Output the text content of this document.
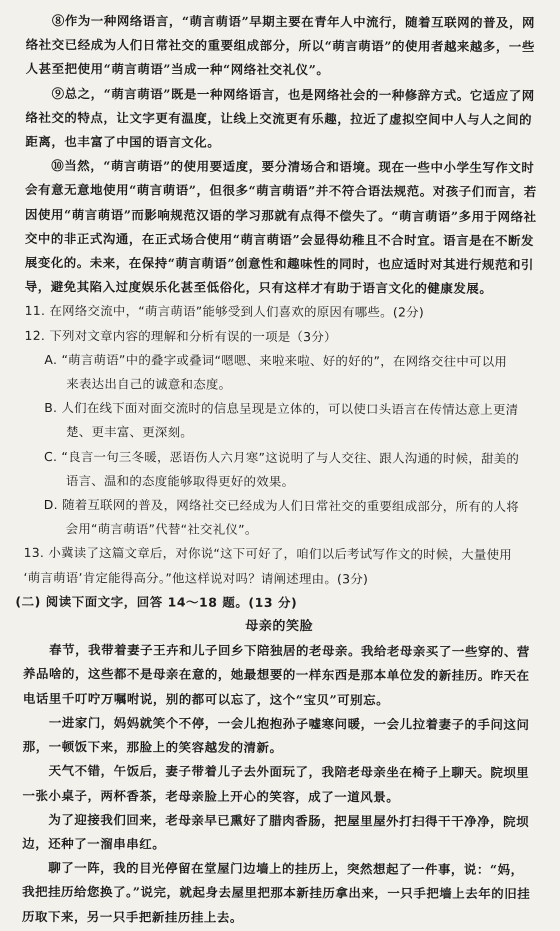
⑧作为一种网络语言，“萌言萌语”早期主要在青年人中流行，随着互联网的普及，网络社交已经成为人们日常社交的重要组成部分，所以“萌言萌语”的使用者越来越多，一些人甚至把使用“萌言萌语”当成一种“网络社交礼仪”。

⑨总之，“萌言萌语”既是一种网络语言，也是网络社会的一种修辞方式。它适应了网络社交的特点，让文字更有温度，让线上交流更有乐趣，拉近了虚拟空间中人与人之间的距离，也丰富了中国的语言文化。

⑩当然，“萌言萌语”的使用要适度，要分清场合和语境。现在一些中小学生写作文时会有意无意地使用“萌言萌语”，但很多“萌言萌语”并不符合语法规范。对孩子们而言，若因使用“萌言萌语”而影响规范汉语的学习那就有点得不偿失了。“萌言萌语”多用于网络社交中的非正式沟通，在正式场合使用“萌言萌语”会显得幼稚且不合时宜。语言是在不断发展变化的。未来，在保持“萌言萌语”创意性和趣味性的同时，也应适时对其进行规范和引导，避免其陷入过度娱乐化甚至低俗化，只有这样才有助于语言文化的健康发展。

11. 在网络交流中，“萌言萌语”能够受到人们喜欢的原因有哪些。(2分)

12. 下列对文章内容的理解和分析有误的一项是（3分）

A. “萌言萌语”中的叠字或叠词“嗯嗯、来啦来啦、好的好的”，在网络交往中可以用

来表达出自己的诚意和态度。

B. 人们在线下面对面交流时的信息呈现是立体的，可以使口头语言在传情达意上更清

楚、更丰富、更深刻。

C. “良言一句三冬暖，恶语伤人六月寒”这说明了与人交往、跟人沟通的时候，甜美的

语言、温和的态度能够取得更好的效果。

D. 随着互联网的普及，网络社交已经成为人们日常社交的重要组成部分，所有的人将

会用“萌言萌语”代替“社交礼仪”。

13. 小冀读了这篇文章后，对你说“这下可好了，咱们以后考试写作文的时候，大量使用

‘萌言萌语’肯定能得高分。”他这样说对吗？请阐述理由。(3分)

(二) 阅读下面文字，回答 14～18 题。(13 分)

母亲的笑脸

春节，我带着妻子王卉和儿子回乡下陪独居的老母亲。我给老母亲买了一些穿的、营养品啥的，这些都不是母亲在意的，她最想要的一样东西是那本单位发的新挂历。昨天在电话里千叮咛万嘱咐说，别的都可以忘了，这个“宝贝”可别忘。

一进家门，妈妈就笑个不停，一会儿抱抱孙子嘘寒问暖，一会儿拉着妻子的手问这问那，一顿饭下来，那脸上的笑容越发的清新。

天气不错，午饭后，妻子带着儿子去外面玩了，我陪老母亲坐在椅子上聊天。院坝里一张小桌子，两杯香茶，老母亲脸上开心的笑容，成了一道风景。

为了迎接我们回来，老母亲早已熏好了腊肉香肠，把屋里屋外打扫得干干净净，院坝边，还种了一溜串串红。

聊了一阵，我的目光停留在堂屋门边墙上的挂历上，突然想起了一件事，说：“妈，我把挂历给您换了。”说完，就起身去屋里把那本新挂历拿出来，一只手把墙上去年的旧挂历取下来，另一只手把新挂历挂上去。
